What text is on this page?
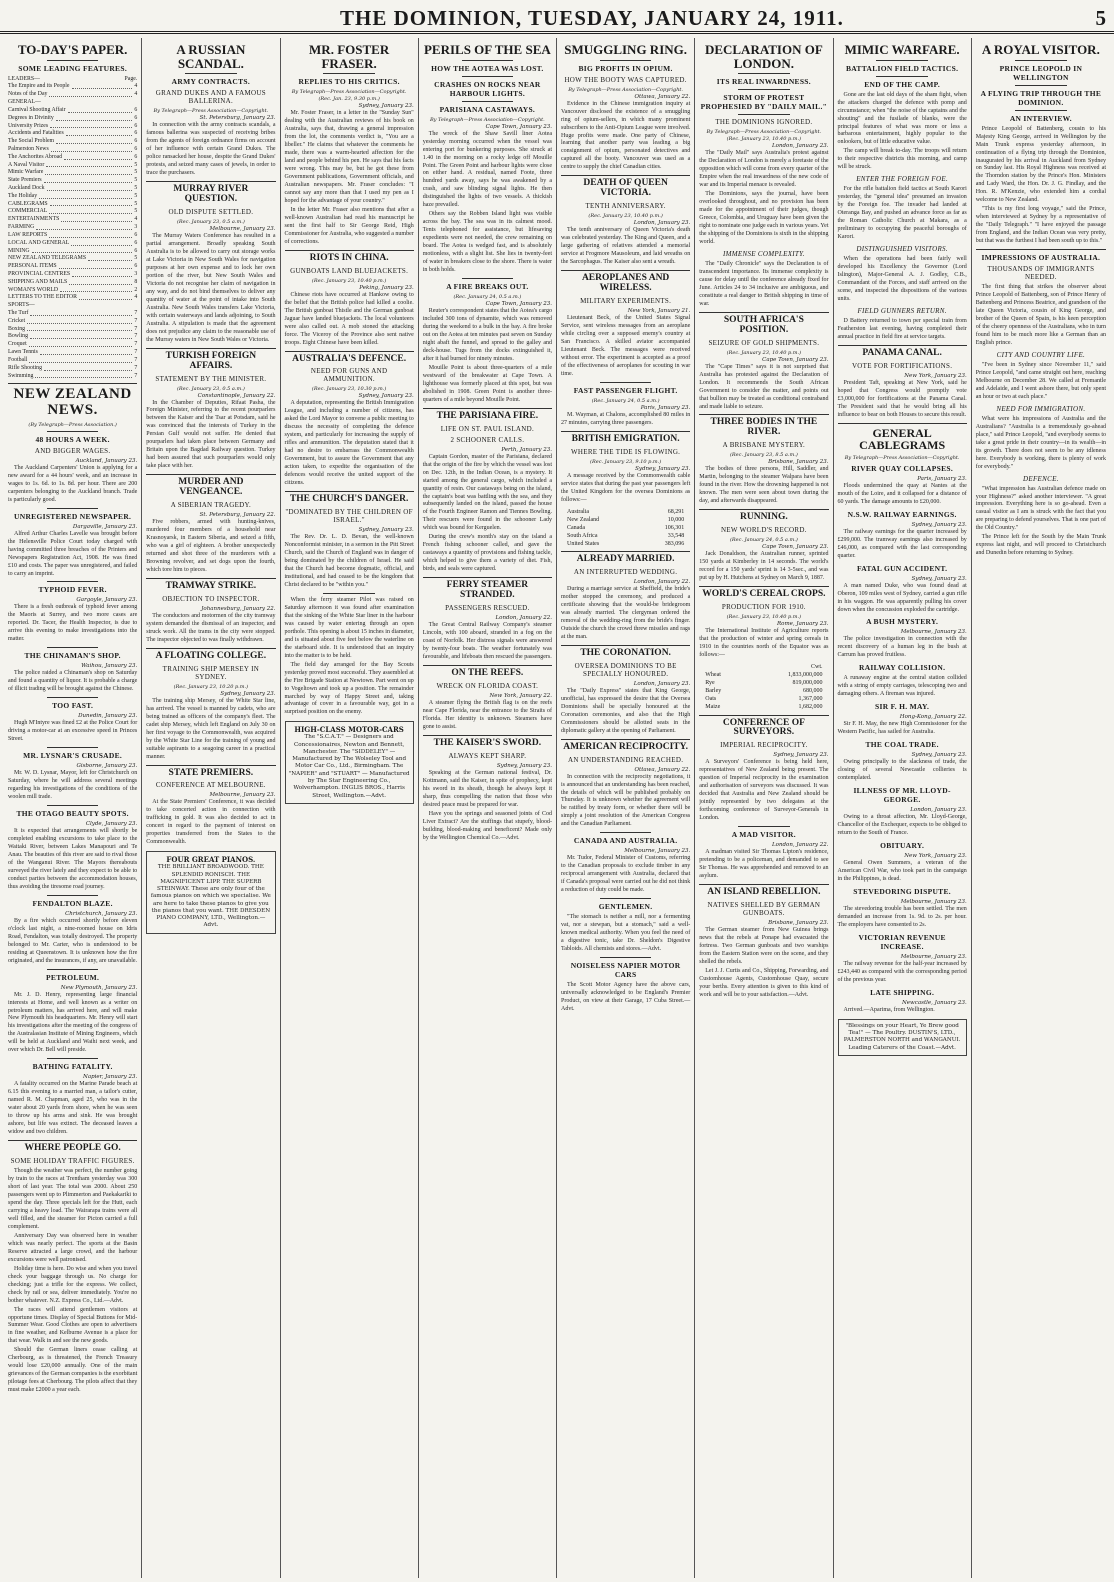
THE DOMINION, TUESDAY, JANUARY 24, 1911.	5
TO-DAY'S PAPER.
SOME LEADING FEATURES.
LEADERS—	Page.
The Empire and its People	4
Notes of the Day	4
GENERAL—
Carnival Shooting Affair	6
Degrees in Divinity	6
University Prizes	6
Accidents and Fatalities	6
The Social Problem	6
Palmerston News	6
The Anchorites Abroad	6
A Naval Visitor	5
Mimic Warfare	5
State Premiers	5
Auckland Dock	5
The Holiday	5
CABLEGRAMS	5
COMMERCIAL	5
ENTERTAINMENTS	4
FARMING	3
LAW REPORTS	6
LOCAL AND GENERAL	6
MINING	6
NEW ZEALAND TELEGRAMS	5
PERSONAL ITEMS	6
PROVINCIAL CENTRES	3
SHIPPING AND MAILS	8
WOMAN'S WORLD	2
LETTERS TO THE EDITOR	4
SPORTS—
The Turf	7
Cricket	7
Boxing	7
Bowling	7
Croquet	7
Lawn Tennis	7
Football	7
Rifle Shooting	7
Swimming	7
NEW ZEALAND NEWS.
(By Telegraph—Press Association.)
48 HOURS A WEEK.
AND BIGGER WAGES.
Auckland, January 23.

The Auckland Carpenters' Union is applying for a new award for a 44 hours' week, and an increase in wages to 1s. 6d. to 1s. 8d. per hour. There are 200 carpenters belonging to the Auckland branch. Trade is particularly good.

UNREGISTERED NEWSPAPER.
Dargaville, January 23.

Alfred Arthur Charles Lavelle was brought before the Helensville Police Court today charged with having committed three breaches of the Printers and Newspapers Registration Act, 1908. He was fined £10 and costs. The paper was unregistered, and failed to carry an imprint.

TYPHOID FEVER.
Gargoyle, January 23.

There is a fresh outbreak of typhoid fever among the Maoris at Surrey, and two more cases are reported. Dr. Tacer, the Health Inspector, is due to arrive this evening to make investigations into the matter.

THE CHINAMAN'S SHOP.
Waihou, January 23.

The police raided a Chinaman's shop on Saturday and found a quantity of liquor. It is probable a charge of illicit trading will be brought against the Chinese.

TOO FAST.
Dunedin, January 23.

Hugh M'Intyre was fined £2 at the Police Court for driving a motor-car at an excessive speed in Princes Street.

MR. LYSNAR'S CRUSADE.
Gisborne, January 23.

Mr. W. D. Lysnar, Mayor, left for Christchurch on Saturday, where he will address several meetings regarding his investigations of the conditions of the woolen mill trade.

THE OTAGO BEAUTY SPOTS.
Clyde, January 23.

It is expected that arrangements will shortly be completed enabling excursions to take place to the Waitaki River, between Lakes Manapouri and Te Anau. The beauties of this river are said to rival those of the Wanganui River. The Mayors thereabouts surveyed the river lately and they expect to be able to conduct parties between the accommodation houses, thus avoiding the tiresome road journey.

FENDALTON BLAZE.
Christchurch, January 23.

By a fire which occurred shortly before eleven o'clock last night, a nine-roomed house on Idris Road, Fendalton, was totally destroyed. The property belonged to Mr. Carter, who is understood to be residing at Queenstown. It is unknown how the fire originated, and the insurances, if any, are unavailable.

PETROLEUM.
New Plymouth, January 23.

Mr. J. D. Henry, representing large financial interests at Home, and well known as a writer on petroleum matters, has arrived here, and will make New Plymouth his headquarters. Mr. Henry will start his investigations after the meeting of the congress of the Australasian Institute of Mining Engineers, which will be held at Auckland and Waihi next week, and over which Dr. Bell will preside.

BATHING FATALITY.
Napier, January 23.

A fatality occurred on the Marine Parade beach at 6.15 this evening to a married man, a tailor's cutter, named R. M. Chapman, aged 25, who was in the water about 20 yards from shore, when he was seen to throw up his arms and sink. He was brought ashore, but life was extinct. The deceased leaves a widow and two children.

WHERE PEOPLE GO.
SOME HOLIDAY TRAFFIC FIGURES.

Though the weather was perfect, the number going by train to the races at Trentham yesterday was 300 short of last year. The total was 2000. About 250 passengers went up to Plimmerton and Paekakariki to spend the day. Three specials left for the Hutt, each carrying a heavy load. The Wairarapa trains were all well filled, and the steamer for Picton carried a full complement.

Anniversary Day was observed here in weather which was nearly perfect. The sports at the Basin Reserve attracted a large crowd, and the harbour excursions were well patronised.

Holiday time is here. Do wise and when you travel check your baggage through us. No charge for checking; just a trifle for the express. We collect, check by rail or sea, deliver immediately. You're no bother whatever. N.Z. Express Co., Ltd.—Advt.

The races will attend gentlemen visitors at opportune times. Display of Special Buttons for Mid-Summer Wear. Good Clothes are open to advertisers in fine weather, and Kelburne Avenue is a place for that wear. Walk in and see the new goods.

Should the German liners cease calling at Cherbourg, as is threatened, the French Treasury would lose £20,000 annually. One of the main grievances of the German companies is the exorbitant pilotage fees at Cherbourg. The pilots affect that they must make £2000 a year each.

A RUSSIAN SCANDAL.
ARMY CONTRACTS.
GRAND DUKES AND A FAMOUS BALLERINA.
By Telegraph—Press Association—Copyright.
St. Petersburg, January 23.

In connection with the army contracts scandals, a famous ballerina was suspected of receiving bribes from the agents of foreign ordnance firms on account of her influence with certain Grand Dukes. The police ransacked her house, despite the Grand Dukes' protests, and seized many cases of jewels, in order to trace the purchasers.

MURRAY RIVER QUESTION.
OLD DISPUTE SETTLED.
(Rec. January 23, 0.5 a.m.)
Melbourne, January 23.

The Murray Waters Conference has resulted in a partial arrangement. Broadly speaking South Australia is to be allowed to carry out storage works at Lake Victoria in New South Wales for navigation purposes at her own expense and to lock her own portion of the river, but New South Wales and Victoria do not recognise her claim of navigation in any way, and do not bind themselves to deliver any quantity of water at the point of intake into South Australia. New South Wales transfers Lake Victoria, with certain waterways and lands adjoining, to South Australia. A stipulation is made that the agreement does not prejudice any claim to the reasonable use of the Murray waters in New South Wales or Victoria.

TURKISH FOREIGN AFFAIRS.
STATEMENT BY THE MINISTER.
(Rec. January 23, 0.5 a.m.)
Constantinople, January 22.

In the Chamber of Deputies, Rifaat Pasha, the Foreign Minister, referring to the recent pourparlers between the Kaiser and the Tsar at Potsdam, said he was convinced that the interests of Turkey in the Persian Gulf would not suffer. He denied that pourparlers had taken place between Germany and Britain upon the Bagdad Railway question. Turkey had been assured that such pourparlers would only take place with her.

MURDER AND VENGEANCE.
A SIBERIAN TRAGEDY.
St. Petersburg, January 22.

Five robbers, armed with hunting-knives, murdered four members of a household near Krasnoyarsk, in Eastern Siberia, and seized a fifth, who was a girl of eighteen. A brother unexpectedly returned and shot three of the murderers with a Browning revolver, and set dogs upon the fourth, which tore him to pieces.

TRAMWAY STRIKE.
OBJECTION TO INSPECTOR.
Johannesburg, January 22.

The conductors and motormen of the city tramway system demanded the dismissal of an inspector, and struck work. All the trams in the city were stopped. The inspector objected to was finally withdrawn.

A FLOATING COLLEGE.
TRAINING SHIP MERSEY IN SYDNEY.
(Rec. January 23, 10.20 p.m.)
Sydney, January 23.

The training ship Mersey, of the White Star line, has arrived. The vessel is manned by cadets, who are being trained as officers of the company's fleet. The cadet ship Mersey, which left England on July 30 on her first voyage to the Commonwealth, was acquired by the White Star Line for the training of young and suitable aspirants to a seagoing career in a practical manner.

STATE PREMIERS.
CONFERENCE AT MELBOURNE.
Melbourne, January 23.

At the State Premiers' Conference, it was decided to take concerted action in connection with trafficking in gold. It was also decided to act in concert in regard to the payment of interest on properties transferred from the States to the Commonwealth.

FOUR GREAT PIANOS.
THE BRILLIANT BROADWOOD. THE SPLENDID RONISCH. THE MAGNIFICENT LIPP. THE SUPERB STEINWAY. These are only four of the famous pianos on which we specialise. We are here to take these pianos to give you the pianos that you want. THE DRESDEN PIANO COMPANY, LTD., Wellington.—Advt.
MR. FOSTER FRASER.
REPLIES TO HIS CRITICS.
By Telegraph—Press Association—Copyright.
(Rec. Jan. 23, 9.30 p.m.)
Sydney, January 23.

Mr. Foster Fraser, in a letter in the "Sunday Sun" dealing with the Australian reviews of his book on Australia, says that, drawing a general impression from the lot, the comments verdict is, "You are a libeller." He claims that whatever the comments he made, there was a warm-hearted affection for the land and people behind his pen. He says that his facts were wrong. This may be, but he got these from Government publications, Government officials, and Australian newspapers. Mr. Fraser concludes: "I cannot say any more than that I used my pen as I hoped for the advantage of your country."

In the letter Mr. Fraser also mentions that after a well-known Australian had read his manuscript he sent the first half to Sir George Reid, High Commissioner for Australia, who suggested a number of corrections.

RIOTS IN CHINA.
GUNBOATS LAND BLUEJACKETS.
(Rec. January 23, 10.40 p.m.)
Peking, January 23.

Chinese riots have occurred at Hankow owing to the belief that the British police had killed a coolie. The British gunboat Thistle and the German gunboat Jaguar have landed bluejackets. The local volunteers were also called out. A mob stoned the attacking force. The Viceroy of the Province also sent native troops. Eight Chinese have been killed.

AUSTRALIA'S DEFENCE.
NEED FOR GUNS AND AMMUNITION.
(Rec. January 23, 10.30 p.m.)
Sydney, January 23.

A deputation, representing the British Immigration League, and including a number of citizens, has asked the Lord Mayor to convene a public meeting to discuss the necessity of completing the defence system, and particularly for increasing the supply of rifles and ammunition. The deputation stated that it had no desire to embarrass the Commonwealth Government, but to assure the Government that any action taken, to expedite the organisation of the defences would receive the united support of the citizens.

THE CHURCH'S DANGER.
"DOMINATED BY THE CHILDREN OF ISRAEL."
Sydney, January 23.

The Rev. Dr. L. D. Bevan, the well-known Nonconformist minister, in a sermon in the Pitt Street Church, said the Church of England was in danger of being dominated by the children of Israel. He said that the Church had become dogmatic, official, and institutional, and had ceased to be the kingdom that Christ declared to be "within you."

When the ferry steamer Pilot was raised on Saturday afternoon it was found after examination that the sinking of the White Star liner in the harbour was caused by water entering through an open porthole. This opening is about 15 inches in diameter, and is situated about five feet below the waterline on the starboard side. It is understood that an inquiry into the matter is to be held.

The field day arranged for the Bay Scouts yesterday proved most successful. They assembled at the Fire Brigade Station at Newtown. Part went on up to Vogeltown and took up a position. The remainder marched by way of Happy Street and, taking advantage of cover in a favourable way, got in a surprised position on the enemy.

HIGH-CLASS MOTOR-CARS
The "S.C.A.T." — Designers and Concessionaires, Newton and Bennett, Manchester. The "SIDDELEY" — Manufactured by The Wolseley Tool and Motor Car Co., Ltd., Birmingham. The "NAPIER" and "STUART" — Manufactured by The Star Engineering Co., Wolverhampton. INGLIS BROS., Harris Street, Wellington.—Advt.
PERILS OF THE SEA
HOW THE AOTEA WAS LOST.
CRASHES ON ROCKS NEAR HARBOUR LIGHTS.
PARISIANA CASTAWAYS.
By Telegraph—Press Association—Copyright.
Cape Town, January 23.

The wreck of the Shaw Savill liner Aotea yesterday morning occurred when the vessel was entering port for bunkering purposes. She struck at 1.40 in the morning on a rocky ledge off Mouille Point. The Green Point and harbour lights were close on either hand. A residual, named Foote, three hundred yards away, says he was awakened by a crash, and saw blinding signal lights. He then distinguished the lights of two vessels. A thickish haze prevailed.

Others say the Robben Island light was visible across the bay. The sea was in its calmest mood. Tents telephoned for assistance, but lifesaving expedients were not needed, the crew remaining on board. The Aotea is wedged fast, and is absolutely motionless, with a slight list. She lies in twenty-feet of water in breakers close to the shore. There is water in both holds.

A FIRE BREAKS OUT.
(Rec. January 24, 0.5 a.m.)
Cape Town, January 23.

Reuter's correspondent states that the Aotea's cargo included 300 tons of dynamite, which was removed during the weekend to a bulk in the bay. A fire broke out on the Aotea at ten minutes past seven on Sunday night abaft the funnel, and spread to the galley and deck-house. Tugs from the docks extinguished it, after it had burned for ninety minutes.

Mouille Point is about three-quarters of a mile westward of the breakwater at Cape Town. A lighthouse was formerly placed at this spot, but was abolished in 1908. Green Point is another three-quarters of a mile beyond Mouille Point.

THE PARISIANA FIRE.
LIFE ON ST. PAUL ISLAND.
2 SCHOONER CALLS.
Perth, January 23.

Captain Gordon, master of the Parisiana, declared that the origin of the fire by which the vessel was lost on Dec. 12th, in the Indian Ocean, is a mystery. It started among the general cargo, which included a quantity of resin. Our castaways being on the island, the captain's boat was battling with the sea, and they subsequently landed on the island, passed the house of the Fourth Engineer Ramon and Tiennes Bowling. Their rescuers were found in the schooner Lady which was bound for Kerguelen.

During the crew's month's stay on the island a French fishing schooner called, and gave the castaways a quantity of provisions and fishing tackle, which helped to give them a variety of diet. Fish, birds, and seals were captured.

FERRY STEAMER STRANDED.
PASSENGERS RESCUED.
London, January 22.

The Great Central Railway Company's steamer Lincoln, with 100 aboard, stranded in a fog on the coast of Norfolk. Her distress signals were answered by twenty-four boats. The weather fortunately was favourable, and lifeboats then rescued the passengers.

ON THE REEFS.
WRECK ON FLORIDA COAST.
New York, January 22.

A steamer flying the British flag is on the reefs near Cape Florida, near the entrance to the Straits of Florida. Her identity is unknown. Steamers have gone to assist.

THE KAISER'S SWORD.
ALWAYS KEPT SHARP.
Sydney, January 23.

Speaking at the German national festival, Dr. Kottmann, said the Kaiser, in spite of prophecy, kept his sword in its sheath, though he always kept it sharp, thus compelling the nation that those who desired peace must be prepared for war.

Have you the springs and seasoned joints of Cod Liver Extract? Are the stuffings that stupefy, blood-building, blood-making and beneficent? Made only by the Wellington Chemical Co.—Advt.

SMUGGLING RING.
BIG PROFITS IN OPIUM.
HOW THE BOOTY WAS CAPTURED.
By Telegraph—Press Association—Copyright.
Ottawa, January 22.

Evidence in the Chinese immigration inquiry at Vancouver disclosed the existence of a smuggling ring of opium-sellers, in which many prominent subscribers to the Anti-Opium League were involved. Huge profits were made. One party of Chinese, learning that another party was leading a big consignment of opium, personated detectives and captured all the booty. Vancouver was used as a centre to supply the chief Canadian cities.

DEATH OF QUEEN VICTORIA.
TENTH ANNIVERSARY.
(Rec. January 23, 10.40 p.m.)
London, January 23.

The tenth anniversary of Queen Victoria's death was celebrated yesterday. The King and Queen, and a large gathering of relatives attended a memorial service at Frogmore Mausoleum, and laid wreaths on the Sarcophagus. The Kaiser also sent a wreath.

AEROPLANES AND WIRELESS.
MILITARY EXPERIMENTS.
New York, January 21.

Lieutenant Beck, of the United States Signal Service, sent wireless messages from an aeroplane while circling over a supposed enemy's country at San Francisco. A skilled aviator accompanied Lieutenant Beck. The messages were received without error. The experiment is accepted as a proof of the effectiveness of aeroplanes for scouting in war time.

FAST PASSENGER FLIGHT.
(Rec. January 24, 0.5 a.m.)
Paris, January 23.

M. Wayman, at Chalons, accomplished 80 miles in 27 minutes, carrying three passengers.

BRITISH EMIGRATION.
WHERE THE TIDE IS FLOWING.
(Rec. January 23, 9.10 p.m.)
Sydney, January 23.

A message received by the Commonwealth cable service states that during the past year passengers left the United Kingdom for the oversea Dominions as follows:—

Australia	68,291
New Zealand	10,000
Canada	106,301
South Africa	33,548
United States	383,096
ALREADY MARRIED.
AN INTERRUPTED WEDDING.
London, January 22.

During a marriage service at Sheffield, the bride's mother stopped the ceremony, and produced a certificate showing that the would-be bridegroom was already married. The clergyman ordered the removal of the wedding-ring from the bride's finger. Outside the church the crowd threw missiles and rags at the man.

THE CORONATION.
OVERSEA DOMINIONS TO BE SPECIALLY HONOURED.
London, January 23.

The "Daily Express" states that King George, unofficial, has expressed the desire that the Oversea Dominions shall be specially honoured at the Coronation ceremonies, and also that the High Commissioners should be allotted seats in the diplomatic gallery at the opening of Parliament.

AMERICAN RECIPROCITY.
AN UNDERSTANDING REACHED.
Ottawa, January 22.

In connection with the reciprocity negotiations, it is announced that an understanding has been reached, the details of which will be published probably on Thursday. It is unknown whether the agreement will be ratified by treaty form, or whether there will be simply a joint resolution of the American Congress and the Canadian Parliament.

CANADA AND AUSTRALIA.
Melbourne, January 23.

Mr. Tudor, Federal Minister of Customs, referring to the Canadian proposals to exclude timber in any reciprocal arrangement with Australia, declared that if Canada's proposal were carried out he did not think a reduction of duty could be made.

GENTLEMEN.

"The stomach is neither a mill, nor a fermenting vat, nor a stewpan, but a stomach," said a well-known medical authority. When you feel the need of a digestive tonic, take Dr. Sheldon's Digestive Tabloids. All chemists and stores.—Advt.

NOISELESS NAPIER MOTOR CARS

The Scott Motor Agency have the above cars, universally acknowledged to be England's Premier Product, on view at their Garage, 17 Cuba Street.—Advt.

DECLARATION OF LONDON.
ITS REAL INWARDNESS.
STORM OF PROTEST PROPHESIED BY "DAILY MAIL."
THE DOMINIONS IGNORED.
By Telegraph—Press Association—Copyright.
(Rec. January 23, 10.40 p.m.)
London, January 23.

The "Daily Mail" says Australia's protest against the Declaration of London is merely a foretaste of the opposition which will come from every quarter of the Empire when the real inwardness of the new code of war and its Imperial menace is revealed.

The Dominions, says the journal, have been overlooked throughout, and no provision has been made for the appointment of their judges, though Greece, Colombia, and Uruguay have been given the right to nominate one judge each in various years. Yet the shipping of the Dominions is sixth in the shipping world.

IMMENSE COMPLEXITY.

The "Daily Chronicle" says the Declaration is of transcendent importance. Its immense complexity is cause for delay until the conference already fixed for June. Articles 24 to 34 inclusive are ambiguous, and constitute a real danger to British shipping in time of war.

SOUTH AFRICA'S POSITION.
SEIZURE OF GOLD SHIPMENTS.
(Rec. January 23, 10.40 p.m.)
Cape Town, January 23.

The "Cape Times" says it is not surprised that Australia has protested against the Declaration of London. It recommends the South African Government to consider the matter, and points out that bullion may be treated as conditional contraband and made liable to seizure.

THREE BODIES IN THE RIVER.
A BRISBANE MYSTERY.
(Rec. January 23, 8.5 a.m.)
Brisbane, January 23.

The bodies of three persons, Hill, Saddler, and Martin, belonging to the steamer Walpara have been found in the river. How the drowning happened is not known. The men were seen about town during the day, and afterwards disappeared.

RUNNING.
NEW WORLD'S RECORD.
(Rec. January 24, 0.5 a.m.)
Cape Town, January 23.

Jack Donaldson, the Australian runner, sprinted 150 yards at Kimberley in 14 seconds. The world's record for a 150 yards' sprint is 14 3-5sec., and was put up by H. Hutchens at Sydney on March 9, 1887.

WORLD'S CEREAL CROPS.
PRODUCTION FOR 1910.
(Rec. January 23, 10.40 p.m.)
Rome, January 23.

The International Institute of Agriculture reports that the production of winter and spring cereals in 1910 in the countries north of the Equator was as follows:—

Cwt.
Wheat	1,833,000,000
Rye	819,000,000
Barley	680,000
Oats	1,367,000
Maize	1,682,000
CONFERENCE OF SURVEYORS.
IMPERIAL RECIPROCITY.
Sydney, January 23.

A Surveyors' Conference is being held here, representatives of New Zealand being present. The question of Imperial reciprocity in the examination and authorisation of surveyors was discussed. It was decided that Australia and New Zealand should be jointly represented by two delegates at the forthcoming conference of Surveyor-Generals in London.

A MAD VISITOR.
London, January 22.

A madman visited Sir Thomas Lipton's residence, pretending to be a policeman, and demanded to see Sir Thomas. He was apprehended and removed to an asylum.

AN ISLAND REBELLION.
NATIVES SHELLED BY GERMAN GUNBOATS.
Brisbane, January 23.

The German steamer from New Guinea brings news that the rebels at Ponape had evacuated the fortress. Two German gunboats and two warships from the Eastern Station were on the scene, and they shelled the rebels.

Let J. J. Curtis and Co., Shipping, Forwarding, and Customhouse Agents, Customhouse Quay, secure your berths. Every attention is given to this kind of work and will be to your satisfaction.—Advt.

MIMIC WARFARE.
BATTALION FIELD TACTICS.
END OF THE CAMP.

Gone are the last old days of the sham fight, when the attackers charged the defence with pomp and circumstance; when "the noise of the captains and the shouting" and the fusilade of blanks, were the principal features of what was more or less a barbarous entertainment, highly popular to the onlookers, but of little educative value.

The camp will break to-day. The troops will return to their respective districts this morning, and camp will be struck.

ENTER THE FOREIGN FOE.

For the rifle battalion field tactics at South Karori yesterday, the "general idea" presumed an invasion by the Foreign foe. The invader had landed at Oteranga Bay, and pushed an advance force as far as the Roman Catholic Church at Makara, as a preliminary to occupying the peaceful boroughs of Karori.

DISTINGUISHED VISITORS.

When the operations had been fairly well developed his Excellency the Governor (Lord Islington), Major-General A. J. Godley, C.B., Commandant of the Forces, and staff arrived on the scene, and inspected the dispositions of the various units.

FIELD GUNNERS RETURN.

D Battery returned to town per special train from Featherston last evening, having completed their annual practice in field fire at service targets.

PANAMA CANAL.
VOTE FOR FORTIFICATIONS.
New York, January 23.

President Taft, speaking at New York, said he hoped that Congress would promptly vote £3,000,000 for fortifications at the Panama Canal. The President said that he would bring all his influence to bear on both Houses to secure this result.

GENERAL CABLEGRAMS
By Telegraph—Press Association—Copyright.
RIVER QUAY COLLAPSES.
Paris, January 23.

Floods undermined the quay at Nantes at the mouth of the Loire, and it collapsed for a distance of 60 yards. The damage amounts to £20,000.

N.S.W. RAILWAY EARNINGS.
Sydney, January 23.

The railway earnings for the quarter increased by £299,000. The tramway earnings also increased by £46,000, as compared with the last corresponding quarter.

FATAL GUN ACCIDENT.
Sydney, January 23.

A man named Duke, who was found dead at Oberon, 109 miles west of Sydney, carried a gun rifle in his waggon. He was apparently pulling his cover down when the concussion exploded the cartridge.

A BUSH MYSTERY.
Melbourne, January 23.

The police investigation in connection with the recent discovery of a human leg in the bush at Carrum has proved fruitless.

RAILWAY COLLISION.

A runaway engine at the central station collided with a string of empty carriages, telescoping two and damaging others. A fireman was injured.

SIR F. H. MAY.
Hong-Kong, January 22.

Sir F. H. May, the new High Commissioner for the Western Pacific, has sailed for Australia.

THE COAL TRADE.
Sydney, January 23.

Owing principally to the slackness of trade, the closing of several Newcastle collieries is contemplated.

ILLNESS OF MR. LLOYD-GEORGE.
London, January 23.

Owing to a throat affection, Mr. Lloyd-George, Chancellor of the Exchequer, expects to be obliged to return to the South of France.

OBITUARY.
New York, January 23.

General Owen Summers, a veteran of the American Civil War, who took part in the campaign in the Philippines, is dead.

STEVEDORING DISPUTE.
Melbourne, January 23.

The stevedoring trouble has been settled. The men demanded an increase from 1s. 9d. to 2s. per hour. The employers have consented to 2s.

VICTORIAN REVENUE INCREASE.
Melbourne, January 23.

The railway revenue for the half-year increased by £243,440 as compared with the corresponding period of the previous year.

LATE SHIPPING.
Newcastle, January 23.

Arrived.—Aparima, from Wellington.

"Blessings on your Heart, Ye Brew good Tea!" — The Poultry. DUSTIN'S, LTD., PALMERSTON NORTH and WANGANUI. Leading Caterers of the Coast.—Advt.
A ROYAL VISITOR.
PRINCE LEOPOLD IN WELLINGTON
A FLYING TRIP THROUGH THE DOMINION.
AN INTERVIEW.

Prince Leopold of Battenberg, cousin to his Majesty King George, arrived in Wellington by the Main Trunk express yesterday afternoon, in continuation of a flying trip through the Dominion, inaugurated by his arrival in Auckland from Sydney on Sunday last. His Royal Highness was received at the Thorndon station by the Prince's Hon. Ministers and Lady Ward, the Hon. Dr. J. G. Findlay, and the Hon. R. M'Kenzie, who extended him a cordial welcome to New Zealand.

"This is my first long voyage," said the Prince, when interviewed at Sydney by a representative of the "Daily Telegraph." "I have enjoyed the passage from England, and the Indian Ocean was very pretty, but that was the furthest I had been south up to this."

IMPRESSIONS OF AUSTRALIA.
THOUSANDS OF IMMIGRANTS NEEDED.

The first thing that strikes the observer about Prince Leopold of Battenberg, son of Prince Henry of Battenberg and Princess Beatrice, and grandson of the late Queen Victoria, cousin of King George, and brother of the Queen of Spain, is his keen perception of the cheery openness of the Australians, who in turn found him to be much more like a German than an English prince.

CITY AND COUNTRY LIFE.

"I've been in Sydney since November 11," said Prince Leopold, "and came straight out here, reaching Melbourne on December 28. We called at Fremantle and Adelaide, and I went ashore there, but only spent an hour or two at each place."

NEED FOR IMMIGRATION.

What were his impressions of Australia and the Australians? "Australia is a tremendously go-ahead place," said Prince Leopold, "and everybody seems to take a great pride in their country—in its wealth—in its growth. There does not seem to be any idleness here. Everybody is working, there is plenty of work for everybody."

DEFENCE.

"What impression has Australian defence made on your Highness?" asked another interviewer. "A great impression. Everything here is so go-ahead. Even a casual visitor as I am is struck with the fact that you are preparing to defend yourselves. That is one part of the Old Country."

The Prince left for the South by the Main Trunk express last night, and will proceed to Christchurch and Dunedin before returning to Sydney.
